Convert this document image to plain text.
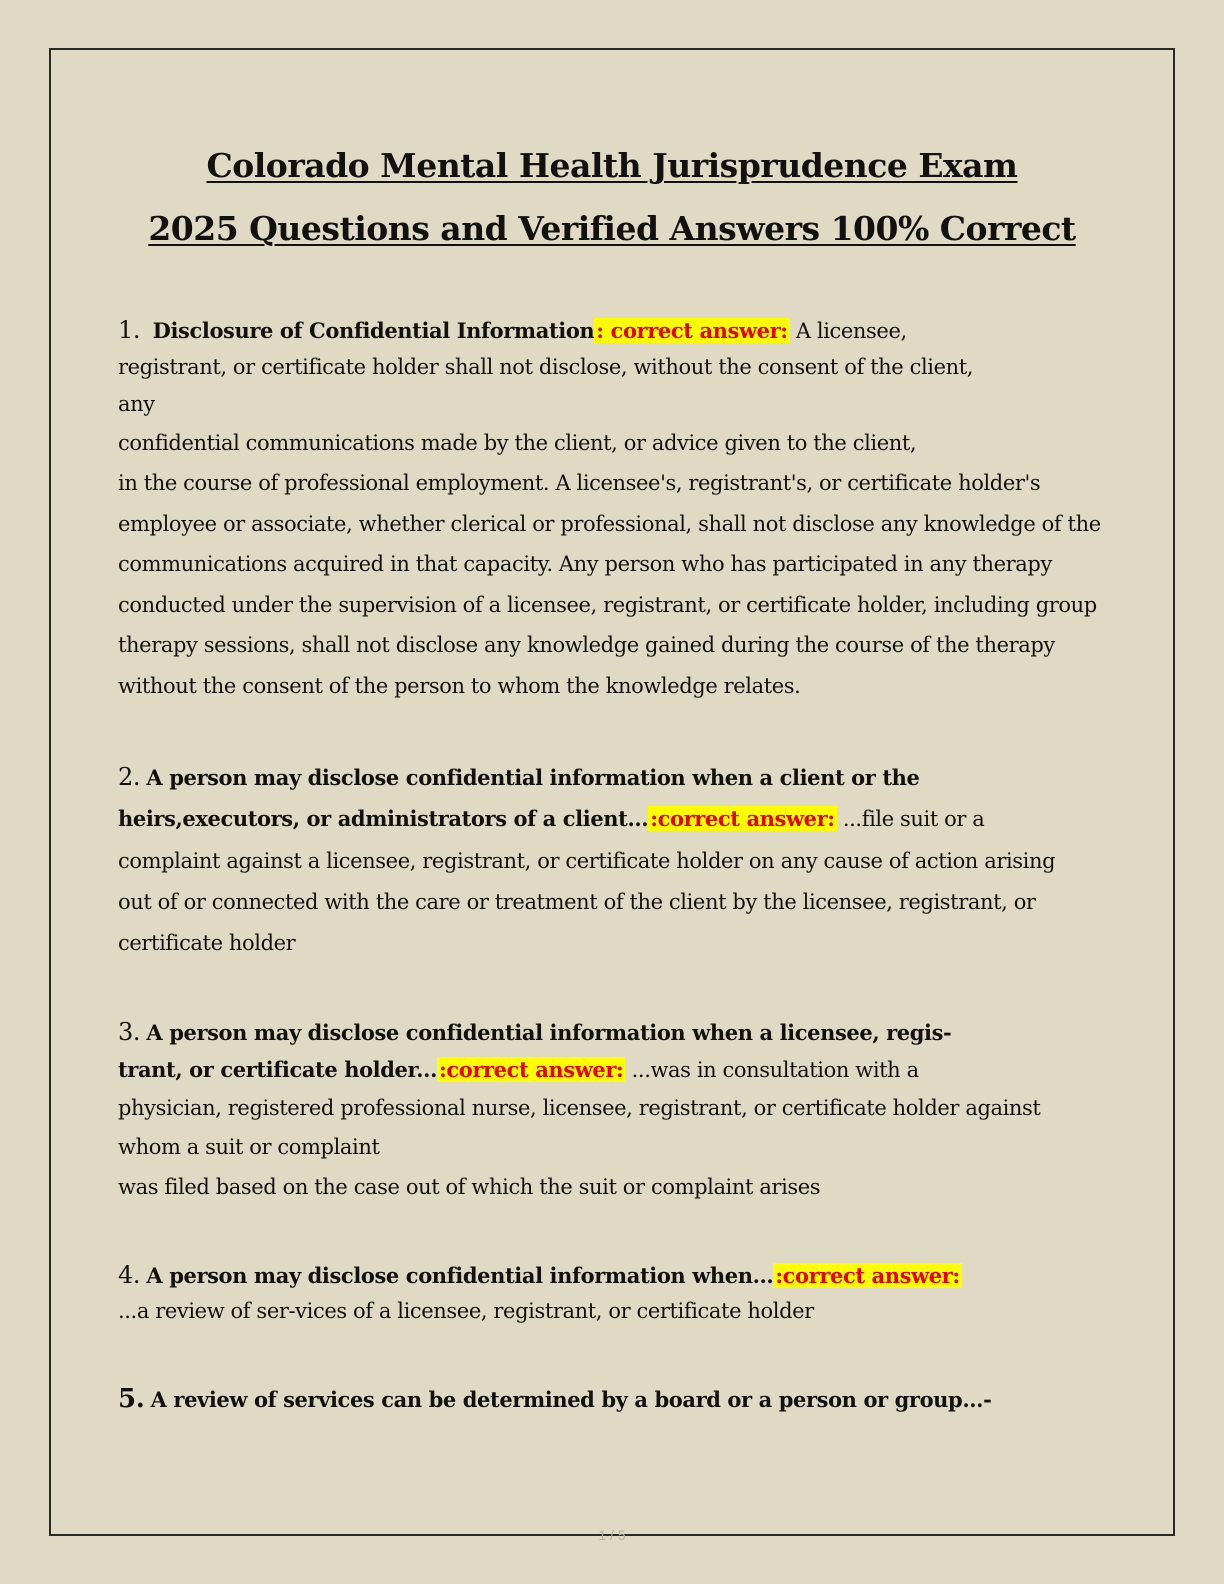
Colorado Mental Health Jurisprudence Exam
2025 Questions and Verified Answers 100% Correct
1. Disclosure of Confidential Information: correct answer: A licensee,
registrant, or certificate holder shall not disclose, without the consent of the client,
any
confidential communications made by the client, or advice given to the client,
in the course of professional employment. A licensee's, registrant's, or certificate holder's
employee or associate, whether clerical or professional, shall not disclose any knowledge of the
communications acquired in that capacity. Any person who has participated in any therapy
conducted under the supervision of a licensee, registrant, or certificate holder, including group
therapy sessions, shall not disclose any knowledge gained during the course of the therapy
without the consent of the person to whom the knowledge relates.
2. A person may disclose confidential information when a client or the
heirs,executors, or administrators of a client...:correct answer: ...file suit or a
complaint against a licensee, registrant, or certificate holder on any cause of action arising
out of or connected with the care or treatment of the client by the licensee, registrant, or
certificate holder
3. A person may disclose confidential information when a licensee, regis-
trant, or certificate holder...:correct answer: ...was in consultation with a
physician, registered professional nurse, licensee, registrant, or certificate holder against
whom a suit or complaint
was filed based on the case out of which the suit or complaint arises
4. A person may disclose confidential information when...:correct answer:
...a review of ser-vices of a licensee, registrant, or certificate holder
5. A review of services can be determined by a board or a person or group...-
1 / 5
